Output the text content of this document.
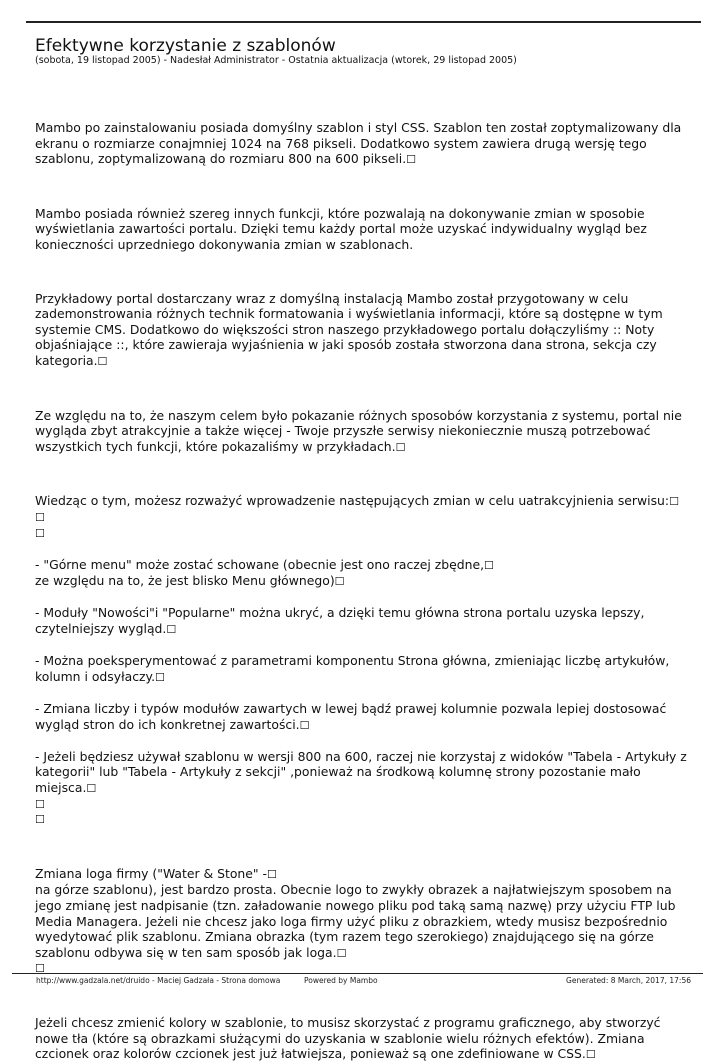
Efektywne korzystanie z szablonów
(sobota, 19 listopad 2005) - Nadesłał Administrator - Ostatnia aktualizacja (wtorek, 29 listopad 2005)

Mambo po zainstalowaniu posiada domyślny szablon i styl CSS. Szablon ten został zoptymalizowany dla ekranu o rozmiarze conajmniej 1024 na 768 pikseli. Dodatkowo system zawiera drugą wersję tego szablonu, zoptymalizowaną do rozmiaru 800 na 600 pikseli.☐

Mambo posiada również szereg innych funkcji, które pozwalają na dokonywanie zmian w sposobie wyświetlania zawartości portalu. Dzięki temu każdy portal może uzyskać indywidualny wygląd bez konieczności uprzedniego dokonywania zmian w szablonach.

Przykładowy portal dostarczany wraz z domyślną instalacją Mambo został przygotowany w celu zademonstrowania różnych technik formatowania i wyświetlania informacji, które są dostępne w tym systemie CMS. Dodatkowo do większości stron naszego przykładowego portalu dołączyliśmy :: Noty objaśniające ::, które zawieraja wyjaśnienia w jaki sposób została stworzona dana strona, sekcja czy kategoria.☐

Ze względu na to, że naszym celem było pokazanie różnych sposobów korzystania z systemu, portal nie wygląda zbyt atrakcyjnie a także więcej - Twoje przyszłe serwisy niekoniecznie muszą potrzebować wszystkich tych funkcji, które pokazaliśmy w przykładach.☐

Wiedząc o tym, możesz rozważyć wprowadzenie następujących zmian w celu uatrakcyjnienia serwisu:☐

☐

☐

- "Górne menu" może zostać schowane (obecnie jest ono raczej zbędne,☐
ze względu na to, że jest blisko Menu głównego)☐

- Moduły "Nowości"i "Popularne" można ukryć, a dzięki temu główna strona portalu uzyska lepszy, czytelniejszy wygląd.☐

- Można poeksperymentować z parametrami komponentu Strona główna, zmieniając liczbę artykułów, kolumn i odsyłaczy.☐

- Zmiana liczby i typów modułów zawartych w lewej bądź prawej kolumnie pozwala lepiej dostosować wygląd stron do ich konkretnej zawartości.☐

- Jeżeli będziesz używał szablonu w wersji 800 na 600, raczej nie korzystaj z widoków "Tabela - Artykuły z kategorii" lub "Tabela - Artykuły z sekcji" ,ponieważ na środkową kolumnę strony pozostanie mało miejsca.☐

☐

☐

Zmiana loga firmy ("Water & Stone" -☐
na górze szablonu), jest bardzo prosta. Obecnie logo to zwykły obrazek a najłatwiejszym sposobem na jego zmianę jest nadpisanie (tzn. załadowanie nowego pliku pod taką samą nazwę) przy użyciu FTP lub Media Managera. Jeżeli nie chcesz jako loga firmy użyć pliku z obrazkiem, wtedy musisz bezpośrednio wyedytować plik szablonu. Zmiana obrazka (tym razem tego szerokiego) znajdującego się na górze szablonu odbywa się w ten sam sposób jak loga.☐

☐

Jeżeli chcesz zmienić kolory w szablonie, to musisz skorzystać z programu graficznego, aby stworzyć nowe tła (które są obrazkami służącymi do uzyskania w szablonie wielu różnych efektów). Zmiana czcionek oraz kolorów czcionek jest już łatwiejsza, ponieważ są one zdefiniowane w CSS.☐

http://www.gadzala.net/druido - Maciej Gadzała - Strona domowa	Powered by Mambo	Generated: 8 March, 2017, 17:56
